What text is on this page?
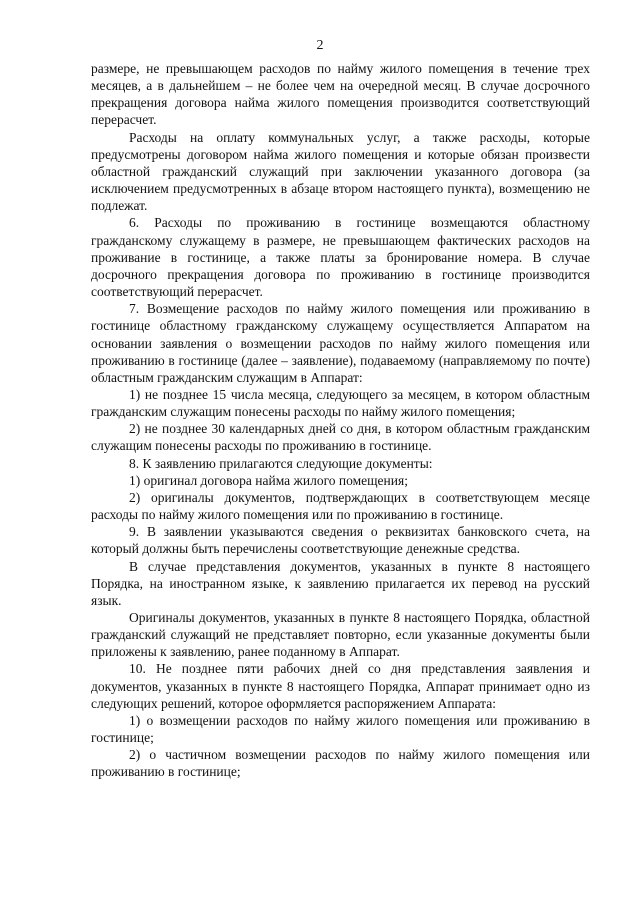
2

размере, не превышающем расходов по найму жилого помещения в течение трех месяцев, а в дальнейшем – не более чем на очередной месяц. В случае досрочного прекращения договора найма жилого помещения производится соответствующий перерасчет.

Расходы на оплату коммунальных услуг, а также расходы, которые предусмотрены договором найма жилого помещения и которые обязан произвести областной гражданский служащий при заключении указанного договора (за исключением предусмотренных в абзаце втором настоящего пункта), возмещению не подлежат.

6. Расходы по проживанию в гостинице возмещаются областному гражданскому служащему в размере, не превышающем фактических расходов на проживание в гостинице, а также платы за бронирование номера. В случае досрочного прекращения договора по проживанию в гостинице производится соответствующий перерасчет.

7. Возмещение расходов по найму жилого помещения или проживанию в гостинице областному гражданскому служащему осуществляется Аппаратом на основании заявления о возмещении расходов по найму жилого помещения или проживанию в гостинице (далее – заявление), подаваемому (направляемому по почте) областным гражданским служащим в Аппарат:

1) не позднее 15 числа месяца, следующего за месяцем, в котором областным гражданским служащим понесены расходы по найму жилого помещения;

2) не позднее 30 календарных дней со дня, в котором областным гражданским служащим понесены расходы по проживанию в гостинице.

8. К заявлению прилагаются следующие документы:

1) оригинал договора найма жилого помещения;

2) оригиналы документов, подтверждающих в соответствующем месяце расходы по найму жилого помещения или по проживанию в гостинице.

9. В заявлении указываются сведения о реквизитах банковского счета, на который должны быть перечислены соответствующие денежные средства.

В случае представления документов, указанных в пункте 8 настоящего Порядка, на иностранном языке, к заявлению прилагается их перевод на русский язык.

Оригиналы документов, указанных в пункте 8 настоящего Порядка, областной гражданский служащий не представляет повторно, если указанные документы были приложены к заявлению, ранее поданному в Аппарат.

10. Не позднее пяти рабочих дней со дня представления заявления и документов, указанных в пункте 8 настоящего Порядка, Аппарат принимает одно из следующих решений, которое оформляется распоряжением Аппарата:

1) о возмещении расходов по найму жилого помещения или проживанию в гостинице;

2) о частичном возмещении расходов по найму жилого помещения или проживанию в гостинице;
